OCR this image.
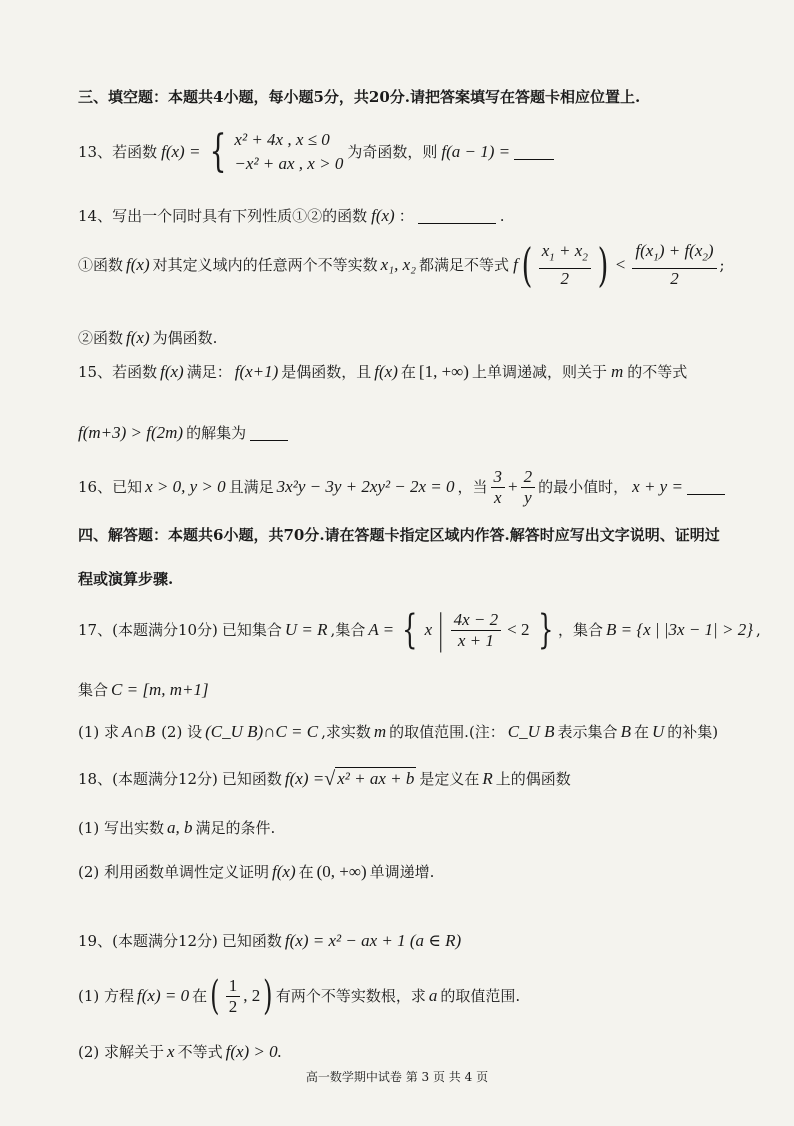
三、填空题：本题共4小题，每小题5分，共20分.请把答案填写在答题卡相应位置上.
13、 若函数 f(x) = { x² + 4x , x ≤ 0
−x² + ax , x > 0
为奇函数，则 f(a − 1) =
14、 写出一个同时具有下列性质①②的函数 f(x) ：	.
①函数 f(x) 对其定义域内的任意两个不等实数 x₁, x₂ 都满足不等式 f ( $\frac{x_1 + x_2}{2}$ ) < $\frac{f(x_1) + f(x_2)}{2}$ ;
②函数 f(x) 为偶函数.
15、 若函数 f(x) 满足： f(x+1) 是偶函数，且 f(x) 在 [1, +∞) 上单调递减，则关于 m 的不等式
f(m+3) > f(2m) 的解集为
16、 已知 x > 0, y > 0 且满足 3x²y − 3y + 2xy² − 2x = 0 ，当 $\frac{3}{x} + \frac{2}{y}$ 的最小值时， x + y =
四、解答题：本题共6小题，共70分.请在答题卡指定区域内作答.解答时应写出文字说明、证明过
程或演算步骤.
17、 (本题满分10分) 已知集合 U = R , 集合 A = { x | $\frac{4x - 2}{x + 1} < 2$ } ，集合 B = {x | |3x − 1| > 2} ,
集合 C = [m, m+1]
(1) 求 A∩B (2) 设 (C_U B)∩C = C ,求实数 m 的取值范围.(注： C_U B 表示集合 B 在 U 的补集)
18、 (本题满分12分) 已知函数 f(x) = √ x² + ax + b 是定义在 R 上的偶函数
(1) 写出实数 a, b 满足的条件.
(2) 利用函数单调性定义证明 f(x) 在 (0, +∞) 单调递增.
19、 (本题满分12分) 已知函数 f(x) = x² − ax + 1 (a ∈ R)
(1) 方程 f(x) = 0 在 ( $\frac{1}{2}$ , 2 ) 有两个不等实数根，求 a 的取值范围.
(2) 求解关于 x 不等式 f(x) > 0.
高一数学期中试卷 第 3 页 共 4 页
